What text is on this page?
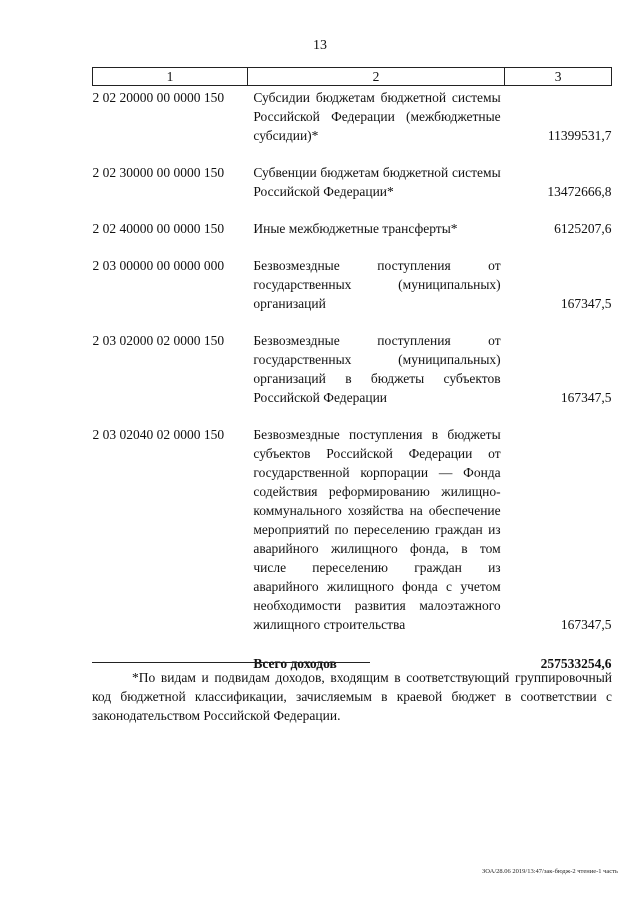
13
1	2	3
2 02 20000 00 0000 150	Субсидии бюджетам бюджетной системы Российской Федерации (межбюджетные субсидии)*	11399531,7
2 02 30000 00 0000 150	Субвенции бюджетам бюджетной системы Российской Федерации*	13472666,8
2 02 40000 00 0000 150	Иные межбюджетные трансферты*	6125207,6
2 03 00000 00 0000 000	Безвозмездные поступления от государственных (муниципальных) организаций	167347,5
2 03 02000 02 0000 150	Безвозмездные поступления от государственных (муниципальных) организаций в бюджеты субъектов Российской Федерации	167347,5
2 03 02040 02 0000 150	Безвозмездные поступления в бюджеты субъектов Российской Федерации от государственной корпорации — Фонда содействия реформированию жилищно-коммунального хозяйства на обеспечение мероприятий по переселению граждан из аварийного жилищного фонда, в том числе переселению граждан из аварийного жилищного фонда с учетом необходимости развития малоэтажного жилищного строительства	167347,5
	Всего доходов	257533254,6
*По видам и подвидам доходов, входящим в соответствующий группировочный код бюджетной классификации, зачисляемым в краевой бюджет в соответствии с законодательством Российской Федерации.
ЗОА/28.06 2019/13:47/зак-бюдж-2 чтение-1 часть
